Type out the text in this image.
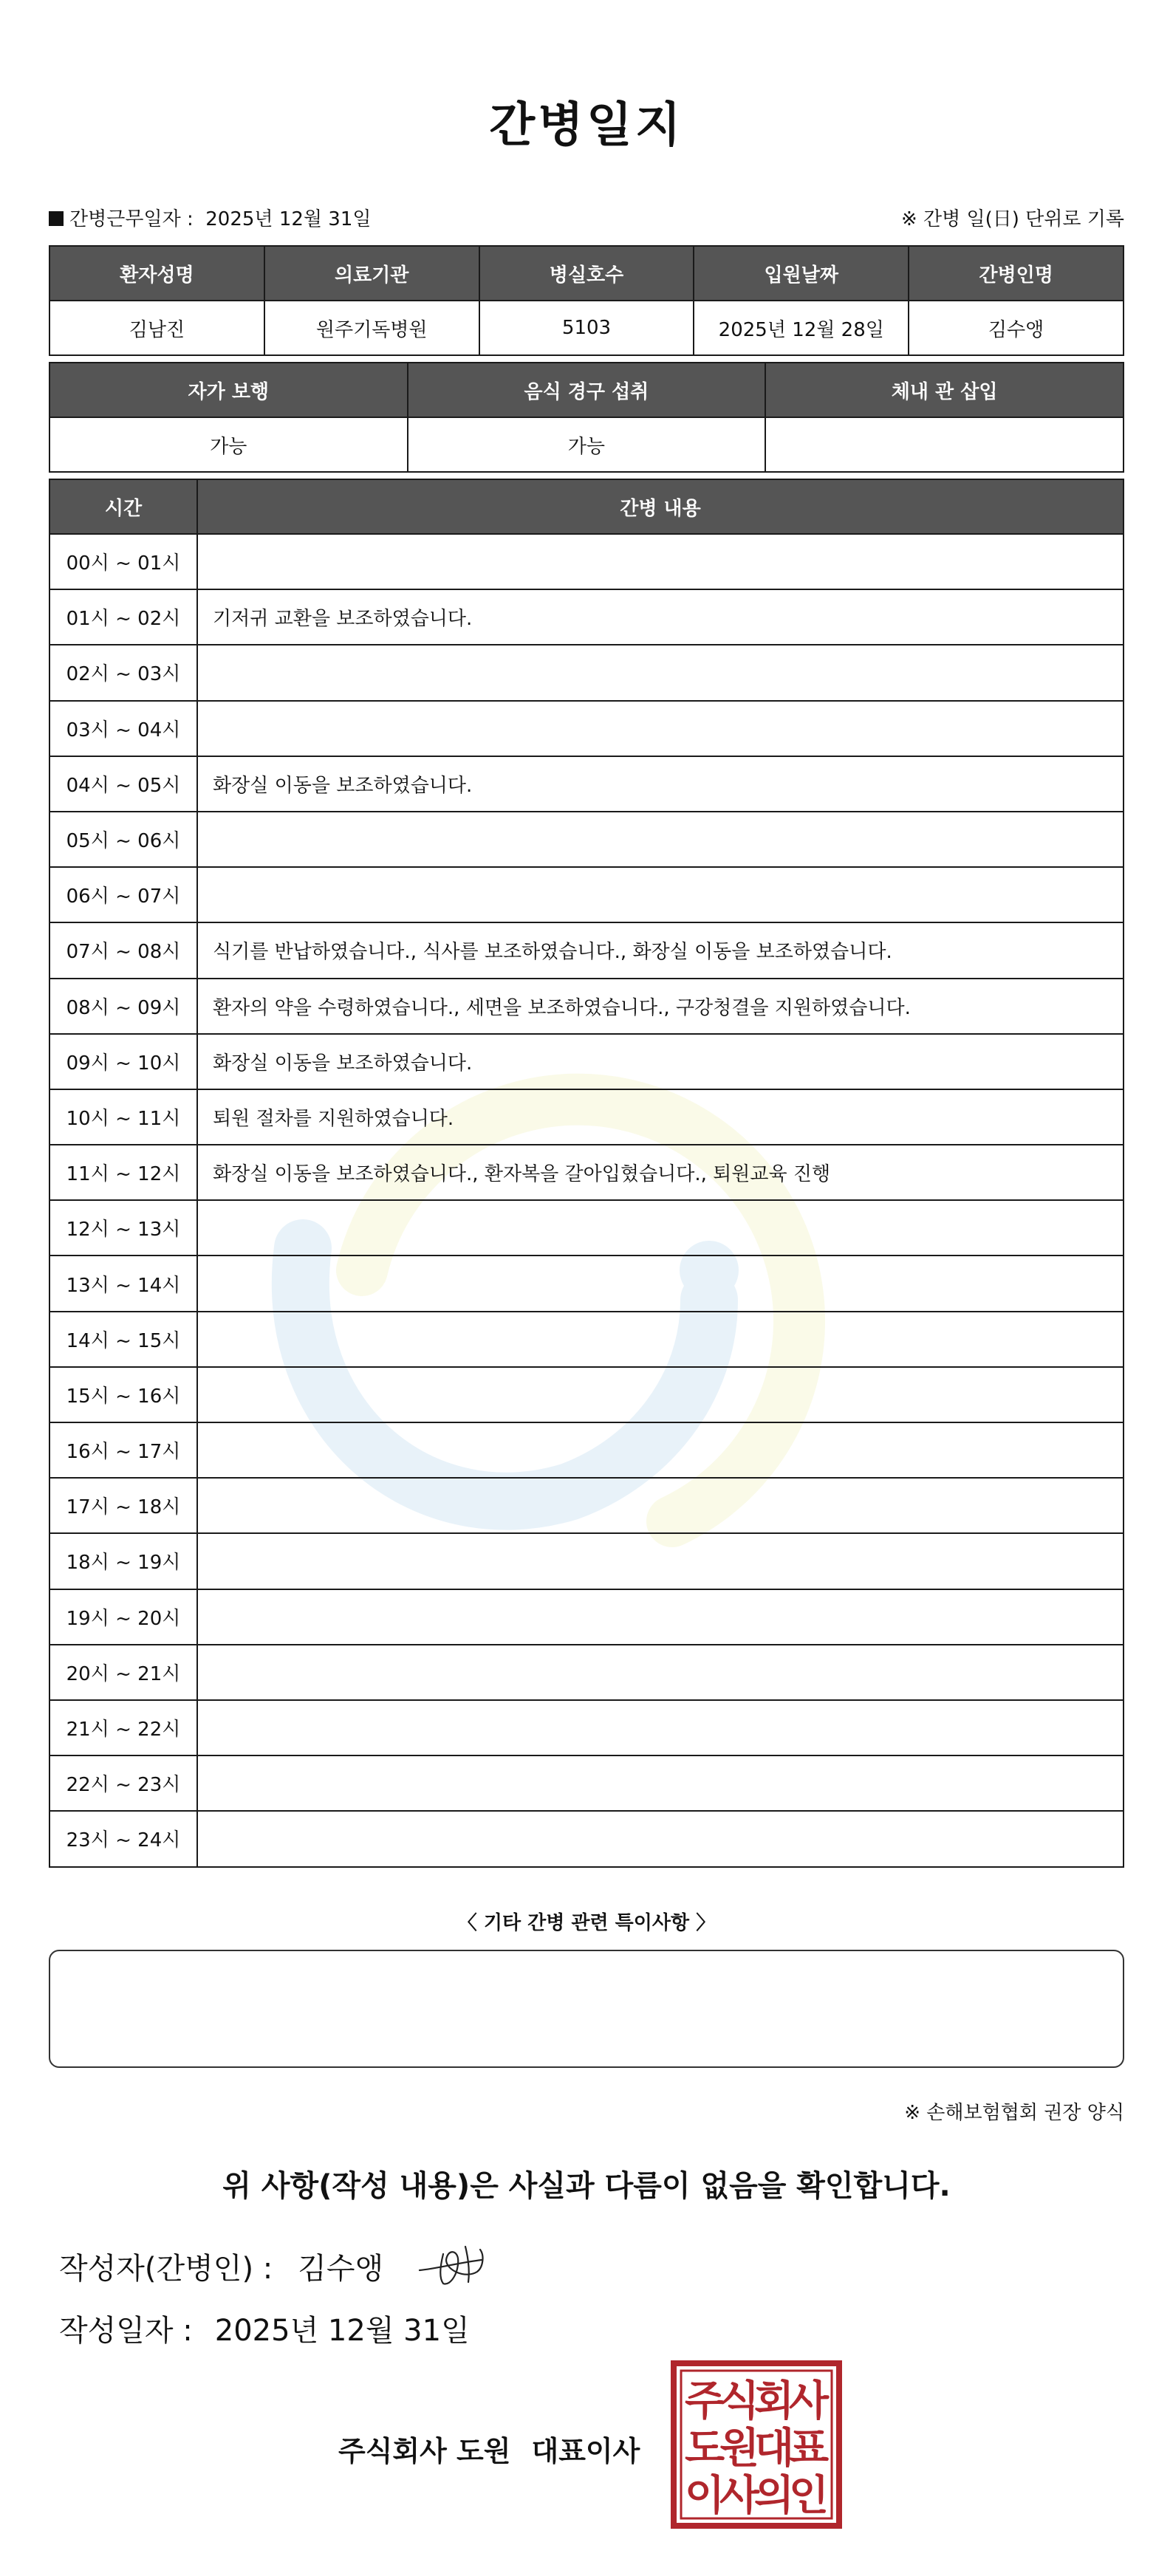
간병일지
간병근무일자 : 2025년 12월 31일	※ 간병 일(日) 단위로 기록
환자성명	의료기관	병실호수	입원날짜	간병인명
김남진	원주기독병원	5103	2025년 12월 28일	김수앵
자가 보행	음식 경구 섭취	체내 관 삽입
가능	가능	
시간	간병 내용
00시 ~ 01시	
01시 ~ 02시	기저귀 교환을 보조하였습니다.
02시 ~ 03시	
03시 ~ 04시	
04시 ~ 05시	화장실 이동을 보조하였습니다.
05시 ~ 06시	
06시 ~ 07시	
07시 ~ 08시	식기를 반납하였습니다., 식사를 보조하였습니다., 화장실 이동을 보조하였습니다.
08시 ~ 09시	환자의 약을 수령하였습니다., 세면을 보조하였습니다., 구강청결을 지원하였습니다.
09시 ~ 10시	화장실 이동을 보조하였습니다.
10시 ~ 11시	퇴원 절차를 지원하였습니다.
11시 ~ 12시	화장실 이동을 보조하였습니다., 환자복을 갈아입혔습니다., 퇴원교육 진행
12시 ~ 13시	
13시 ~ 14시	
14시 ~ 15시	
15시 ~ 16시	
16시 ~ 17시	
17시 ~ 18시	
18시 ~ 19시	
19시 ~ 20시	
20시 ~ 21시	
21시 ~ 22시	
22시 ~ 23시	
23시 ~ 24시	
〈 기타 간병 관련 특이사항 〉
※ 손해보험협회 권장 양식
위 사항(작성 내용)은 사실과 다름이 없음을 확인합니다.
작성자(간병인) : 김수앵
작성일자 : 2025년 12월 31일
주식회사 도원 대표이사
주
식
회
사
도
원
대
표
이
사
의
인
